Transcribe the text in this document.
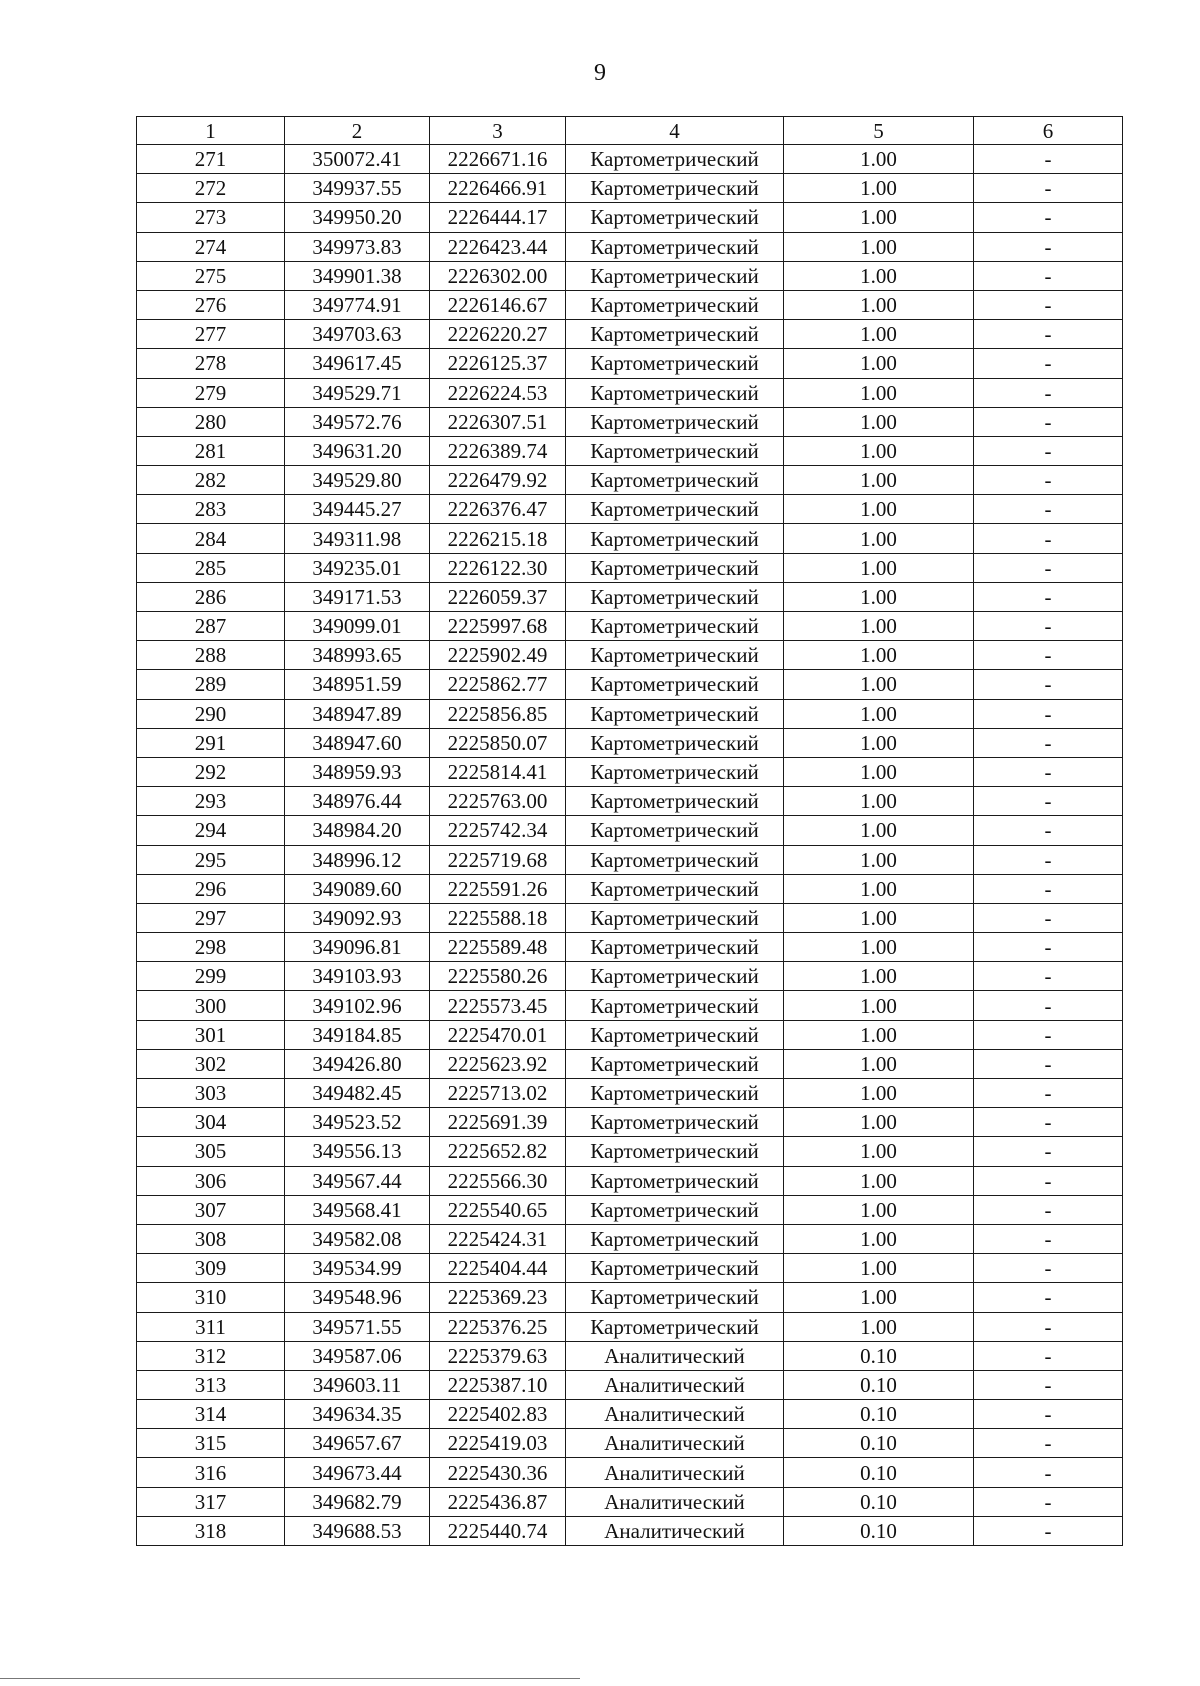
9
1	2	3	4	5	6
271	350072.41	2226671.16	Картометрический	1.00	-
272	349937.55	2226466.91	Картометрический	1.00	-
273	349950.20	2226444.17	Картометрический	1.00	-
274	349973.83	2226423.44	Картометрический	1.00	-
275	349901.38	2226302.00	Картометрический	1.00	-
276	349774.91	2226146.67	Картометрический	1.00	-
277	349703.63	2226220.27	Картометрический	1.00	-
278	349617.45	2226125.37	Картометрический	1.00	-
279	349529.71	2226224.53	Картометрический	1.00	-
280	349572.76	2226307.51	Картометрический	1.00	-
281	349631.20	2226389.74	Картометрический	1.00	-
282	349529.80	2226479.92	Картометрический	1.00	-
283	349445.27	2226376.47	Картометрический	1.00	-
284	349311.98	2226215.18	Картометрический	1.00	-
285	349235.01	2226122.30	Картометрический	1.00	-
286	349171.53	2226059.37	Картометрический	1.00	-
287	349099.01	2225997.68	Картометрический	1.00	-
288	348993.65	2225902.49	Картометрический	1.00	-
289	348951.59	2225862.77	Картометрический	1.00	-
290	348947.89	2225856.85	Картометрический	1.00	-
291	348947.60	2225850.07	Картометрический	1.00	-
292	348959.93	2225814.41	Картометрический	1.00	-
293	348976.44	2225763.00	Картометрический	1.00	-
294	348984.20	2225742.34	Картометрический	1.00	-
295	348996.12	2225719.68	Картометрический	1.00	-
296	349089.60	2225591.26	Картометрический	1.00	-
297	349092.93	2225588.18	Картометрический	1.00	-
298	349096.81	2225589.48	Картометрический	1.00	-
299	349103.93	2225580.26	Картометрический	1.00	-
300	349102.96	2225573.45	Картометрический	1.00	-
301	349184.85	2225470.01	Картометрический	1.00	-
302	349426.80	2225623.92	Картометрический	1.00	-
303	349482.45	2225713.02	Картометрический	1.00	-
304	349523.52	2225691.39	Картометрический	1.00	-
305	349556.13	2225652.82	Картометрический	1.00	-
306	349567.44	2225566.30	Картометрический	1.00	-
307	349568.41	2225540.65	Картометрический	1.00	-
308	349582.08	2225424.31	Картометрический	1.00	-
309	349534.99	2225404.44	Картометрический	1.00	-
310	349548.96	2225369.23	Картометрический	1.00	-
311	349571.55	2225376.25	Картометрический	1.00	-
312	349587.06	2225379.63	Аналитический	0.10	-
313	349603.11	2225387.10	Аналитический	0.10	-
314	349634.35	2225402.83	Аналитический	0.10	-
315	349657.67	2225419.03	Аналитический	0.10	-
316	349673.44	2225430.36	Аналитический	0.10	-
317	349682.79	2225436.87	Аналитический	0.10	-
318	349688.53	2225440.74	Аналитический	0.10	-
